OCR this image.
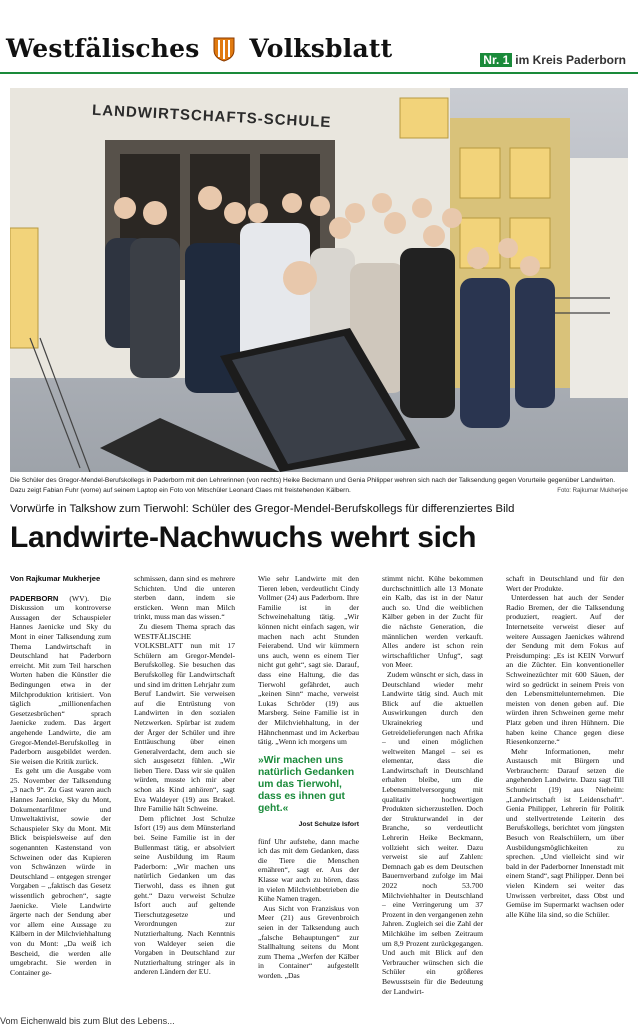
Westfälisches Volksblatt	Nr. 1 im Kreis Paderborn
LANDWIRTSCHAFTS-SCHULE
Die Schüler des Gregor-Mendel-Berufskollegs in Paderborn mit den Lehrerinnen (von rechts) Heike Beckmann und Genia Philipper wehren sich nach der Talksendung gegen Vorurteile gegenüber Landwirten. Dazu zeigt Fabian Fuhr (vorne) auf seinem Laptop ein Foto von Mitschüler Leonard Claes mit freistehenden Kälbern.	Foto: Rajkumar Mukherjee
Vorwürfe in Talkshow zum Tierwohl: Schüler des Gregor-Mendel-Berufskollegs für differenziertes Bild
Landwirte-Nachwuchs wehrt sich
Von Rajkumar Mukherjee

PADERBORN (WV). Die Diskussion um kontroverse Aussagen der Schauspieler Hannes Jaenicke und Sky du Mont in einer Talksendung zum Thema Landwirtschaft in Deutschland hat Paderborn erreicht. Mit zum Teil harschen Worten haben die Künstler die Bedingungen etwa in der Milchproduktion kritisiert. Von täglich „millionenfachen Gesetzesbrüchen“ sprach Jaenicke zudem. Das ärgert angehende Landwirte, die am Gregor-Mendel-Berufskolleg in Paderborn ausgebildet werden. Sie weisen die Kritik zurück.

Es geht um die Ausgabe vom 25. November der Talksendung „3 nach 9“. Zu Gast waren auch Hannes Jaenicke, Sky du Mont, Dokumentarfilmer und Umweltaktivist, sowie der Schauspieler Sky du Mont. Mit Blick beispielsweise auf den sogenannten Kastenstand von Schweinen oder das Kupieren von Schwänzen würde in Deutschland – entgegen strenger Vorgaben – „faktisch das Gesetz wissentlich gebrochen“, sagte Jaenicke. Viele Landwirte ärgerte nach der Sendung aber vor allem eine Aussage zu Kälbern in der Milchviehhaltung von du Mont: „Da weiß ich Bescheid, die werden alle umgebracht. Sie werden in Container ge-

schmissen, dann sind es mehrere Schichten. Und die unteren sterben dann, indem sie ersticken. Wenn man Milch trinkt, muss man das wissen.“

Zu diesem Thema sprach das WESTFÄLISCHE VOLKSBLATT nun mit 17 Schülern am Gregor-Mendel-Berufskolleg. Sie besuchen das Berufskolleg für Landwirtschaft und sind im dritten Lehrjahr zum Beruf Landwirt. Sie verweisen auf die Entrüstung von Landwirten in den sozialen Netzwerken. Spürbar ist zudem der Ärger der Schüler und ihre Enttäuschung über einen Generalverdacht, dem auch sie sich ausgesetzt fühlen. „Wir lieben Tiere. Dass wir sie quälen würden, musste ich mir aber schon als Kind anhören“, sagt Eva Waldeyer (19) aus Brakel. Ihre Familie hält Schweine.

Dem pflichtet Jost Schulze Isfort (19) aus dem Münsterland bei. Seine Familie ist in der Bullenmast tätig, er absolviert seine Ausbildung im Raum Paderborn: „Wir machen uns natürlich Gedanken um das Tierwohl, dass es ihnen gut geht.“ Dazu verweist Schulze Isfort auch auf geltende Tierschutzgesetze und Verordnungen zur Nutztierhaltung. Nach Kenntnis von Waldeyer seien die Vorgaben in Deutschland zur Nutztierhaltung stringer als in anderen Ländern der EU.

Wie sehr Landwirte mit den Tieren leben, verdeutlicht Cindy Vollmer (24) aus Paderborn. Ihre Familie ist in der Schweinehaltung tätig. „Wir können nicht einfach sagen, wir machen nach acht Stunden Feierabend. Und wir kümmern uns auch, wenn es einem Tier nicht gut geht“, sagt sie. Darauf, dass eine Haltung, die das Tierwohl gefährdet, auch „keinen Sinn“ mache, verweist Lukas Schröder (19) aus Marsberg. Seine Familie ist in der Milchviehhaltung, in der Hähnchenmast und im Ackerbau tätig. „Wenn ich morgens um

»Wir machen uns natürlich Gedanken um das Tierwohl, dass es ihnen gut geht.«
Jost Schulze Isfort

fünf Uhr aufstehe, dann mache ich das mit dem Gedanken, dass die Tiere die Menschen ernähren“, sagt er. Aus der Klasse war auch zu hören, dass in vielen Milchviehbetrieben die Kühe Namen tragen.

Aus Sicht von Franziskus von Meer (21) aus Grevenbroich seien in der Talksendung auch „falsche Behauptungen“ zur Stallhaltung seitens du Mont zum Thema „Werfen der Kälber in Container“ aufgestellt worden. „Das

stimmt nicht. Kühe bekommen durchschnittlich alle 13 Monate ein Kalb, das ist in der Natur auch so. Und die weiblichen Kälber geben in der Zucht für die nächste Generation, die männlichen werden verkauft. Alles andere ist schon rein wirtschaftlicher Unfug“, sagt von Meer.

Zudem wünscht er sich, dass in Deutschland wieder mehr Landwirte tätig sind. Auch mit Blick auf die aktuellen Auswirkungen durch den Ukrainekrieg und Getreidelieferungen nach Afrika – und einen möglichen weltweiten Mangel – sei es elementar, dass die Landwirtschaft in Deutschland erhalten bleibe, um die Lebensmittelversorgung mit qualitativ hochwertigen Produkten sicherzustellen. Doch der Strukturwandel in der Branche, so verdeutlicht Lehrerin Heike Beckmann, vollzieht sich weiter. Dazu verweist sie auf Zahlen: Demnach gab es dem Deutschen Bauernverband zufolge im Mai 2022 noch 53.700 Milchviehhalter in Deutschland – eine Verringerung um 37 Prozent in den vergangenen zehn Jahren. Zugleich sei die Zahl der Milchkühe im selben Zeitraum um 8,9 Prozent zurückgegangen. Und auch mit Blick auf den Verbraucher wünschen sich die Schüler ein größeres Bewusstsein für die Bedeutung der Landwirt-

schaft in Deutschland und für den Wert der Produkte.

Unterdessen hat auch der Sender Radio Bremen, der die Talksendung produziert, reagiert. Auf der Internetseite verweist dieser auf weitere Aussagen Jaenickes während der Sendung mit dem Fokus auf Preisdumping: „Es ist KEIN Vorwurf an die Züchter. Ein konventioneller Schweinezüchter mit 600 Säuen, der wird so gedrückt in seinem Preis von den Lebensmittelunternehmen. Die meisten von denen geben auf. Die würden ihren Schweinen gerne mehr Platz geben und ihren Hühnern. Die haben keine Chance gegen diese Riesenkonzerne.“

Mehr Informationen, mehr Austausch mit Bürgern und Verbrauchern: Darauf setzen die angehenden Landwirte. Dazu sagt Till Schunicht (19) aus Nieheim: „Landwirtschaft ist Leidenschaft“. Genia Philipper, Lehrerin für Politik und stellvertretende Leiterin des Berufskollegs, berichtet vom jüngsten Besuch von Realschülern, um über Ausbildungsmöglichkeiten zu sprechen. „Und vielleicht sind wir bald in der Paderborner Innenstadt mit einem Stand“, sagt Philipper. Denn bei vielen Kindern sei weiter das Unwissen verbreitet, dass Obst und Gemüse im Supermarkt wachsen oder alle Kühe lila sind, so die Schüler.

Vom Eichenwald bis zum Blut des Lebens...
